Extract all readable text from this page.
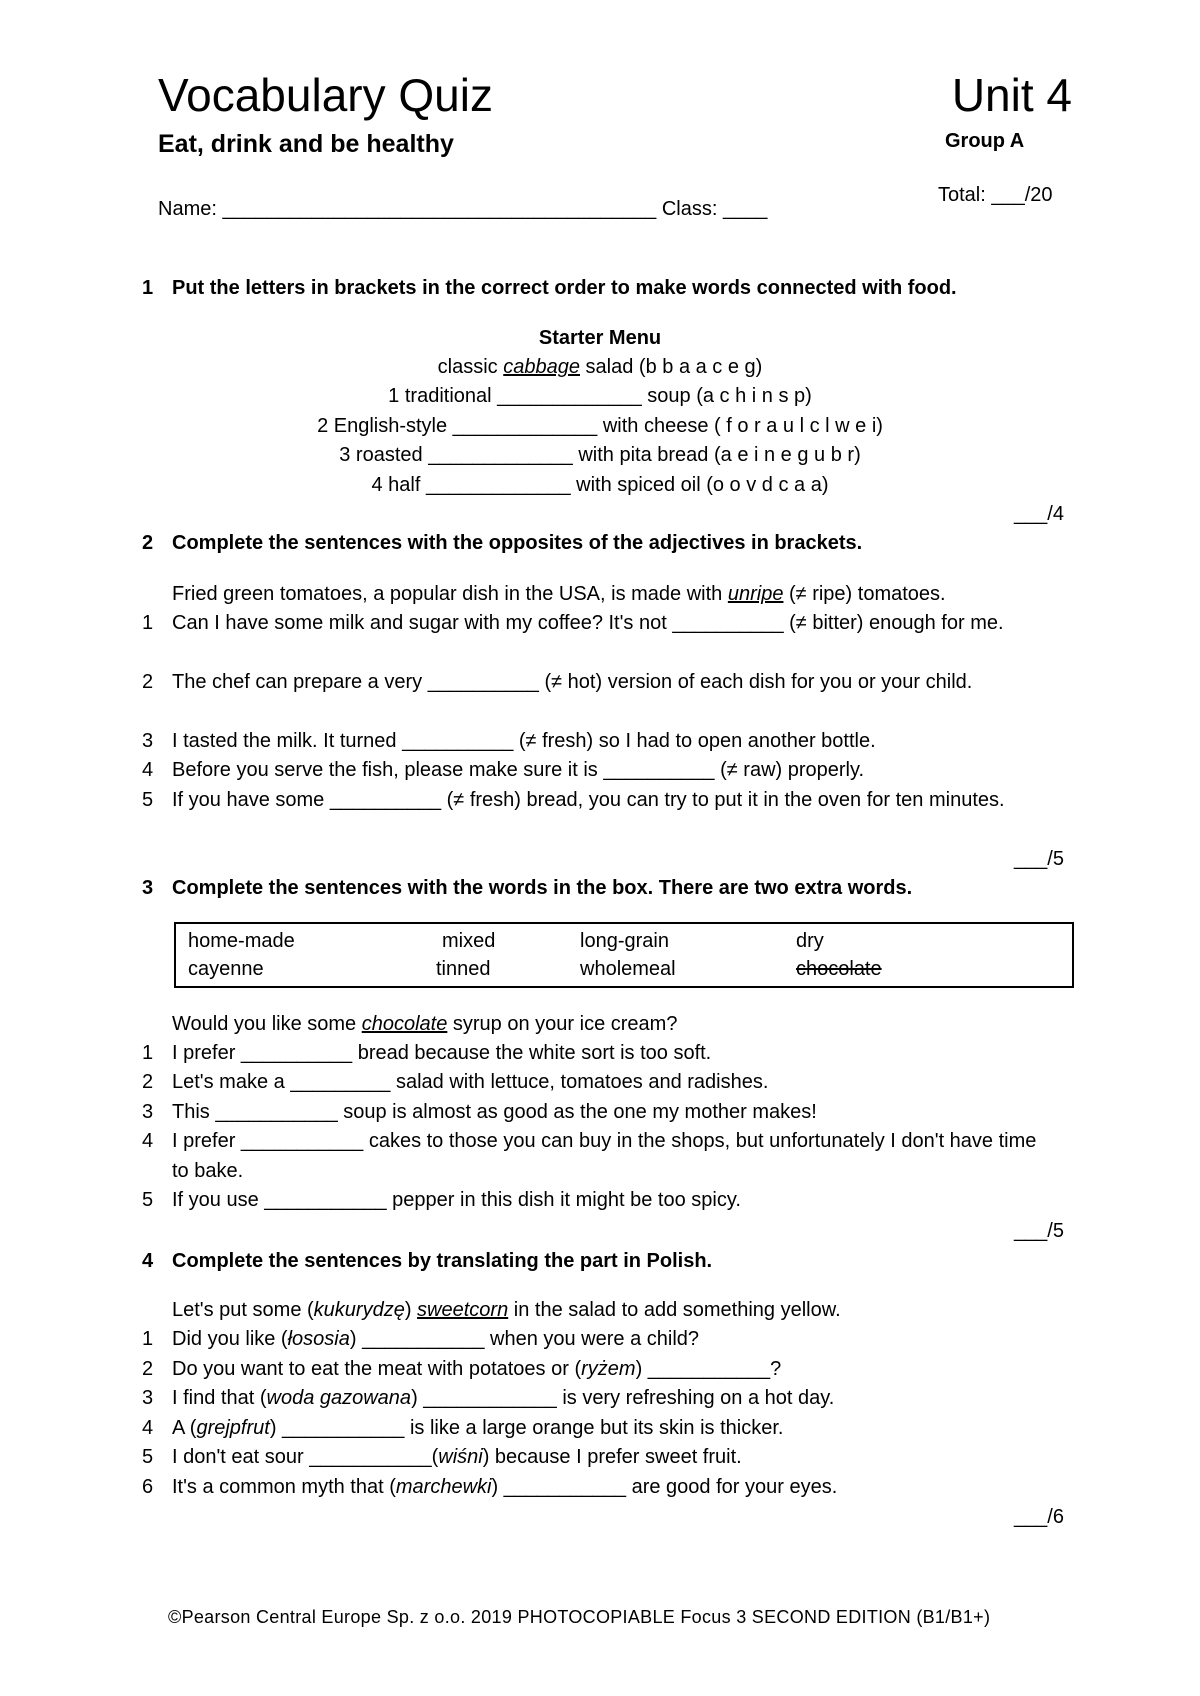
Vocabulary Quiz	Unit 4
Eat, drink and be healthy	Group A
Name: _______________________________________ Class: ____
Total: ___/20
1 Put the letters in brackets in the correct order to make words connected with food.
Starter Menu
classic cabbage salad (b b a a c e g)
1 traditional _____________ soup (a c h i n s p)
2 English-style _____________ with cheese ( f o r a u l c l w e i)
3 roasted _____________ with pita bread (a e i n e g u b r)
4 half _____________ with spiced oil (o o v d c a a)
___/4
2 Complete the sentences with the opposites of the adjectives in brackets.
Fried green tomatoes, a popular dish in the USA, is made with unripe (≠ ripe) tomatoes.
1 Can I have some milk and sugar with my coffee? It's not __________ (≠ bitter) enough for me.
2 The chef can prepare a very __________ (≠ hot) version of each dish for you or your child.
3 I tasted the milk. It turned __________ (≠ fresh) so I had to open another bottle.
4 Before you serve the fish, please make sure it is __________ (≠ raw) properly.
5 If you have some __________ (≠ fresh) bread, you can try to put it in the oven for ten minutes.
___/5
3 Complete the sentences with the words in the box. There are two extra words.
home-made	mixed	long-grain	dry
cayenne	tinned	wholemeal	chocolate
Would you like some chocolate syrup on your ice cream?
1 I prefer __________ bread because the white sort is too soft.
2 Let's make a _________ salad with lettuce, tomatoes and radishes.
3 This ___________ soup is almost as good as the one my mother makes!
4 I prefer ___________ cakes to those you can buy in the shops, but unfortunately I don't have time to bake.
5 If you use ___________ pepper in this dish it might be too spicy.
___/5
4 Complete the sentences by translating the part in Polish.
Let's put some (kukurydzę) sweetcorn in the salad to add something yellow.
1 Did you like (łososia) ___________ when you were a child?
2 Do you want to eat the meat with potatoes or (ryżem) ___________?
3 I find that (woda gazowana) ____________ is very refreshing on a hot day.
4 A (grejpfrut) ___________ is like a large orange but its skin is thicker.
5 I don't eat sour ___________(wiśni) because I prefer sweet fruit.
6 It's a common myth that (marchewki) ___________ are good for your eyes.
___/6
©Pearson Central Europe Sp. z o.o. 2019 PHOTOCOPIABLE Focus 3 SECOND EDITION (B1/B1+)
